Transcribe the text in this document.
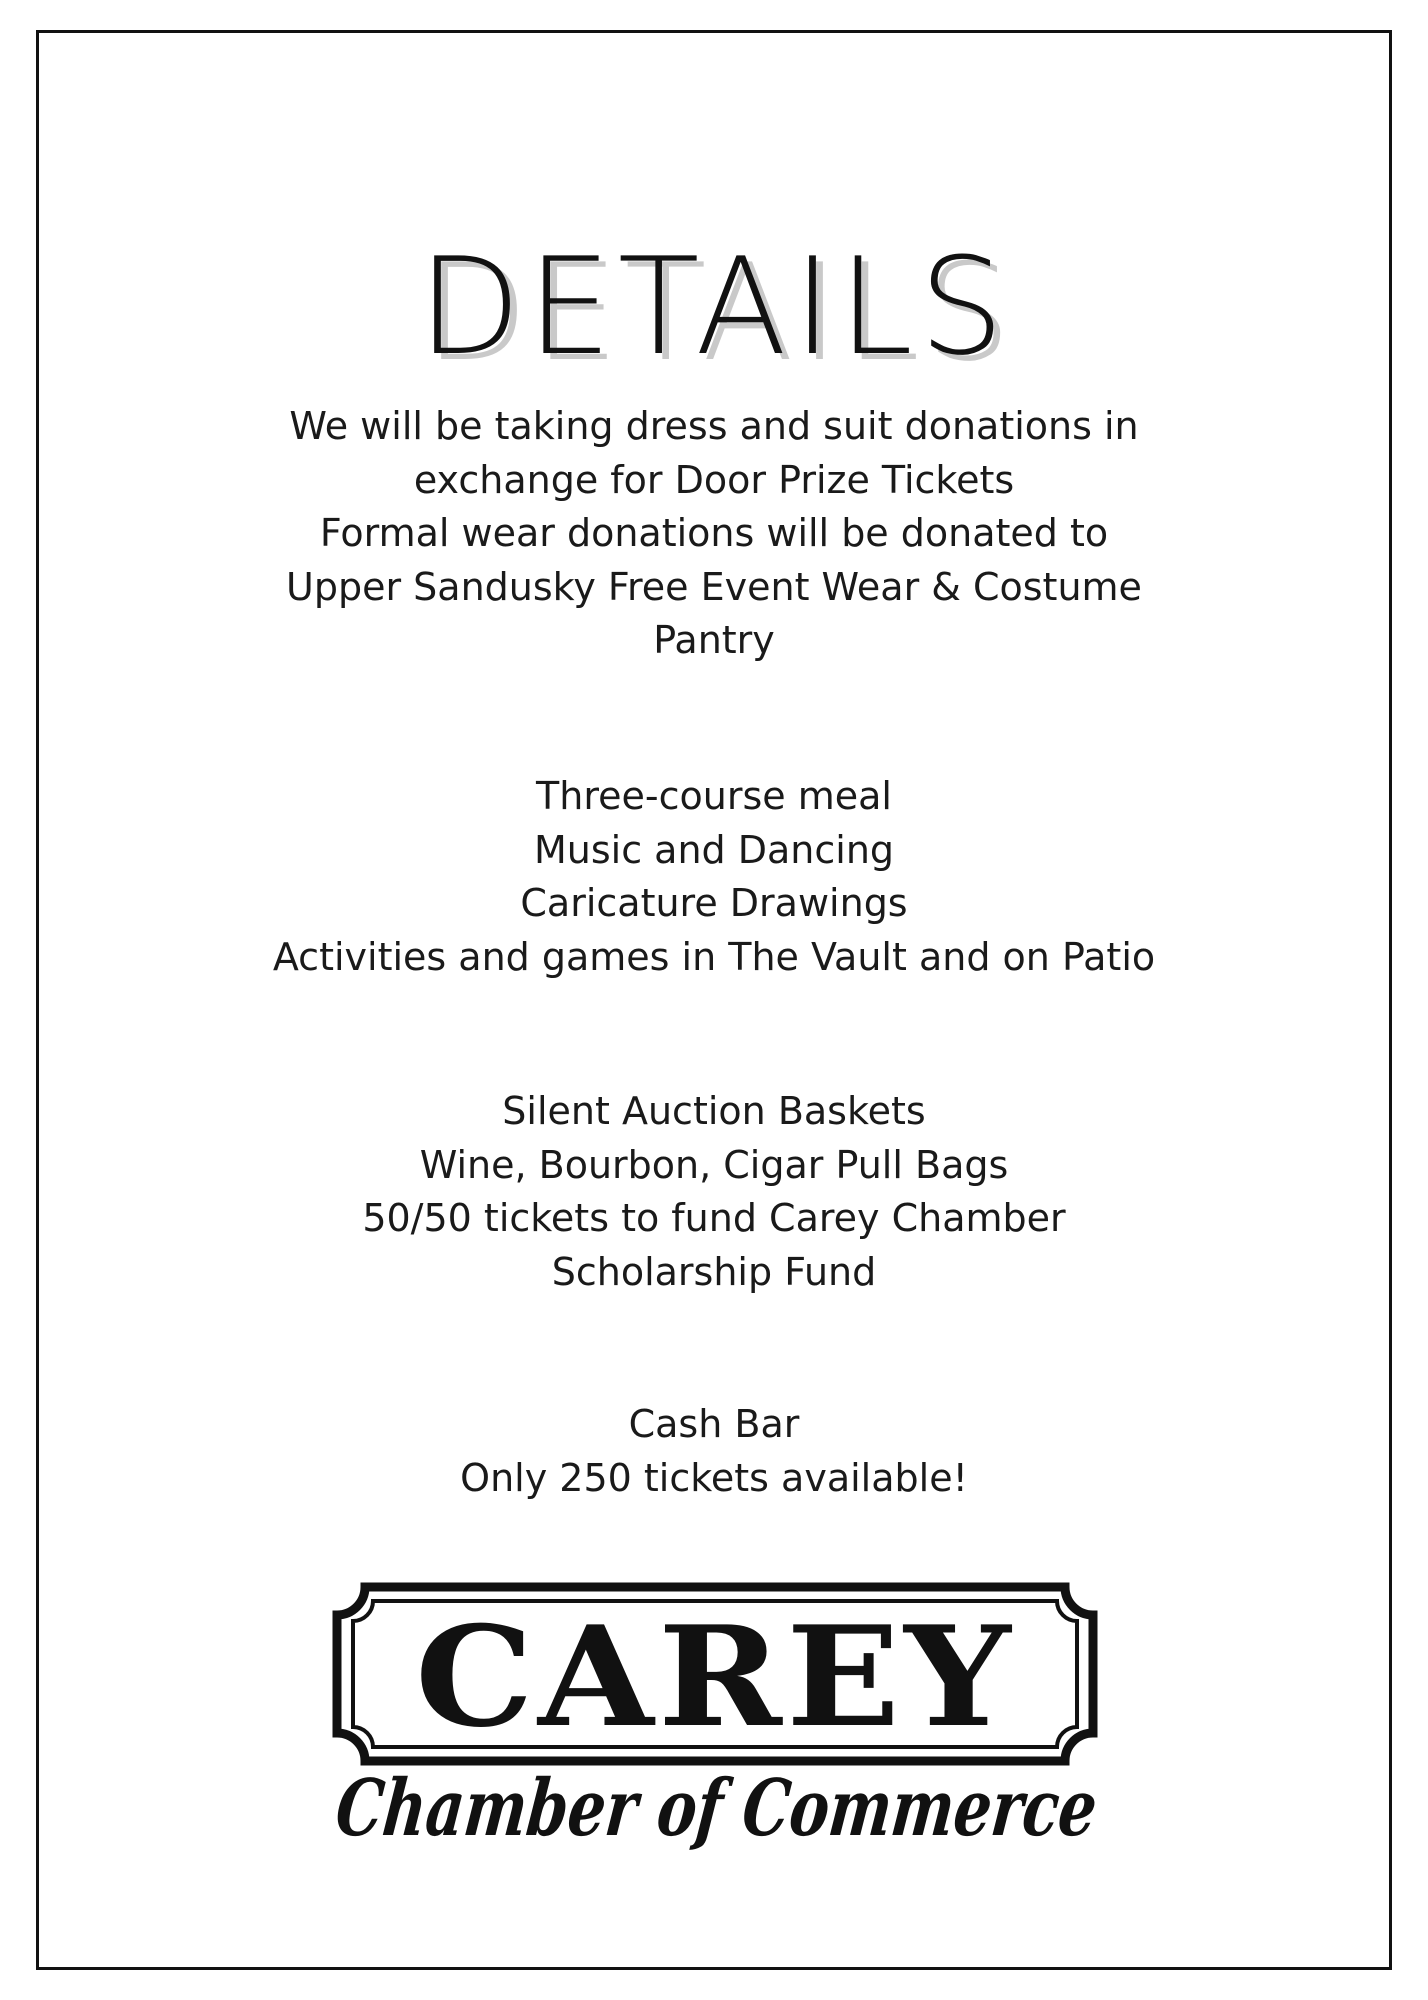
DETAILS
We will be taking dress and suit donations in
exchange for Door Prize Tickets
Formal wear donations will be donated to
Upper Sandusky Free Event Wear & Costume
Pantry
Three-course meal
Music and Dancing
Caricature Drawings
Activities and games in The Vault and on Patio
Silent Auction Baskets
Wine, Bourbon, Cigar Pull Bags
50/50 tickets to fund Carey Chamber
Scholarship Fund
Cash Bar
Only 250 tickets available!
CAREY
Chamber of Commerce
